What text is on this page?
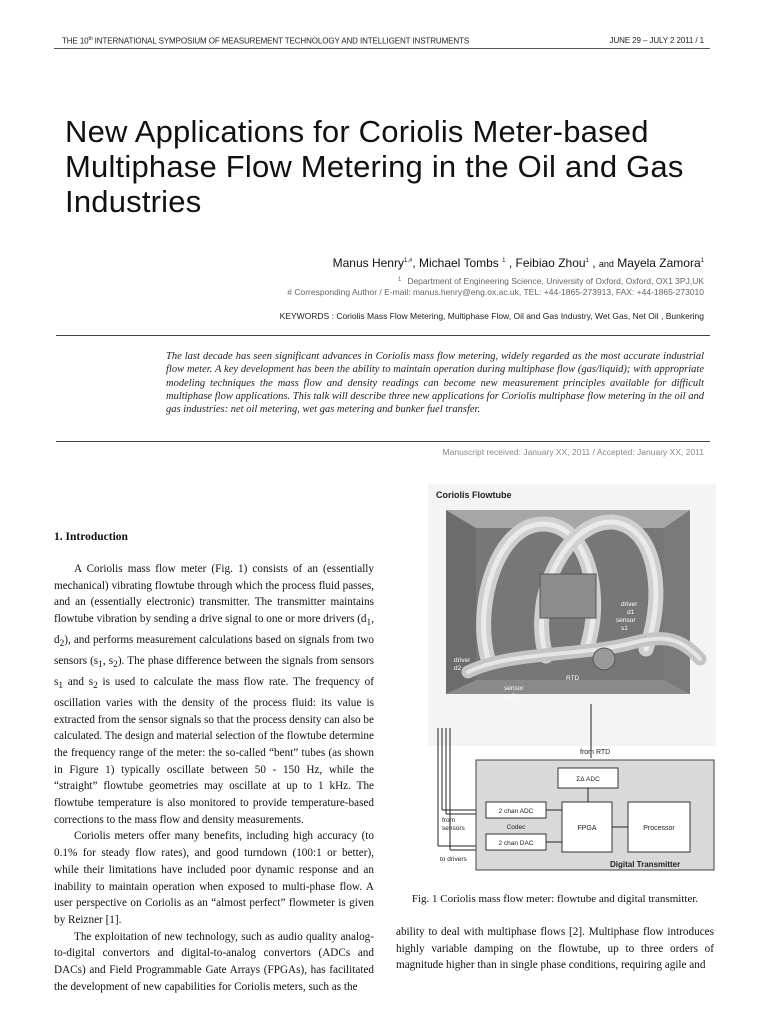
THE 10th INTERNATIONAL SYMPOSIUM OF MEASUREMENT TECHNOLOGY AND INTELLIGENT INSTRUMENTS	JUNE 29 – JULY 2 2011 / 1
New Applications for Coriolis Meter-based Multiphase Flow Metering in the Oil and Gas Industries
Manus Henry$^{1,\#}$, Michael Tombs $^1$ , Feibiao Zhou$^1$ , and Mayela Zamora$^1$
$^1$ Department of Engineering Science, University of Oxford, Oxford, OX1 3PJ,UK
# Corresponding Author / E-mail: manus.henry@eng.ox.ac.uk, TEL: +44-1865-273913, FAX: +44-1865-273010
KEYWORDS : Coriolis Mass Flow Metering, Multiphase Flow, Oil and Gas Industry, Wet Gas, Net Oil , Bunkering

The last decade has seen significant advances in Coriolis mass flow metering, widely regarded as the most accurate industrial flow meter. A key development has been the ability to maintain operation during multiphase flow (gas/liquid); with appropriate modeling techniques the mass flow and density readings can become new measurement principles available for difficult multiphase flow applications. This talk will describe three new applications for Coriolis multiphase flow metering in the oil and gas industries: net oil metering, wet gas metering and bunker fuel transfer.

Manuscript received: January XX, 2011 / Accepted: January XX, 2011
1. Introduction

A Coriolis mass flow meter (Fig. 1) consists of an (essentially mechanical) vibrating flowtube through which the process fluid passes, and an (essentially electronic) transmitter. The transmitter maintains flowtube vibration by sending a drive signal to one or more drivers ($d_1$, $d_2$), and performs measurement calculations based on signals from two sensors ($s_1$, $s_2$). The phase difference between the signals from sensors $s_1$ and $s_2$ is used to calculate the mass flow rate. The frequency of oscillation varies with the density of the process fluid: its value is extracted from the sensor signals so that the process density can also be calculated. The design and material selection of the flowtube determine the frequency range of the meter: the so-called “bent” tubes (as shown in Figure 1) typically oscillate between 50 - 150 Hz, while the “straight” flowtube geometries may oscillate at up to 1 kHz. The flowtube temperature is also monitored to provide temperature-based corrections to the mass flow and density measurements.

Coriolis meters offer many benefits, including high accuracy (to 0.1% for steady flow rates), and good turndown (100:1 or better), while their limitations have included poor dynamic response and an inability to maintain operation when exposed to multi-phase flow. A user perspective on Coriolis as an “almost perfect” flowmeter is given by Reizner [1].

The exploitation of new technology, such as audio quality analog-to-digital convertors and digital-to-analog convertors (ADCs and DACs) and Field Programmable Gate Arrays (FPGAs), has facilitated the development of new capabilities for Coriolis meters, such as the

Coriolis Flowtube
driver
d1
sensor
s1
driver
d2
sensor
s2
RTD
from RTD
ΣΔ ADC
2 chan ADC
Codec
2 chan DAC
FPGA	Processor
from
sensors
to drivers
Digital Transmitter
Fig. 1 Coriolis mass flow meter: flowtube and digital transmitter.

ability to deal with multiphase flows [2]. Multiphase flow introduces highly variable damping on the flowtube, up to three orders of magnitude higher than in single phase conditions, requiring agile and
